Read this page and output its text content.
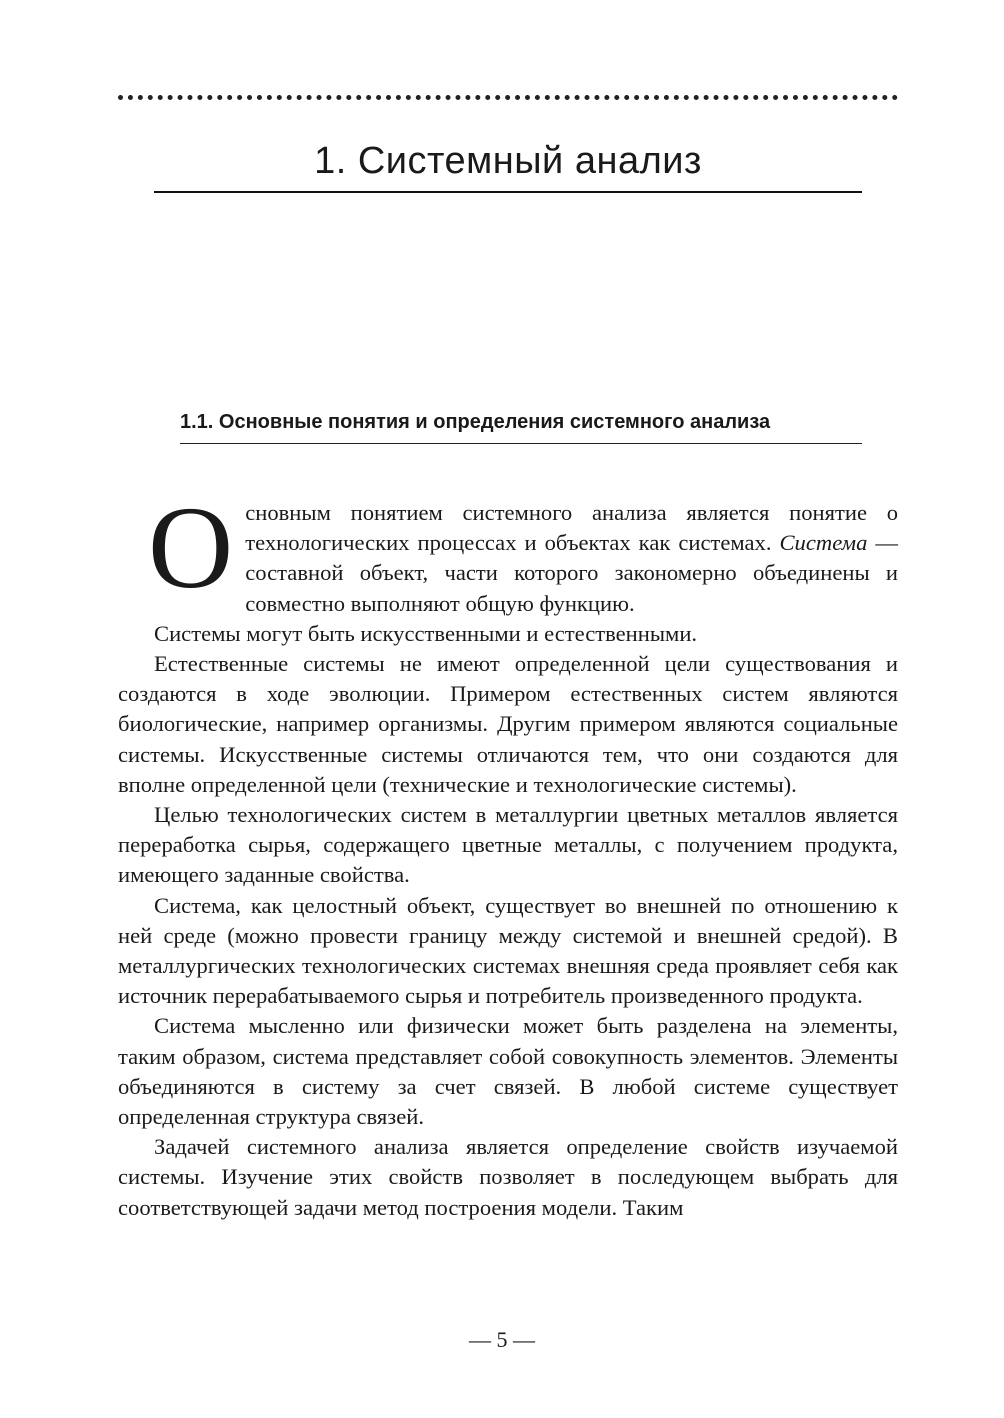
1. Системный анализ
1.1. Основные понятия и определения системного анализа

Основным понятием системного анализа является понятие о технологических процессах и объектах как системах. Система — составной объект, части которого закономерно объединены и совместно выполняют общую функцию.

Системы могут быть искусственными и естественными.

Естественные системы не имеют определенной цели существования и создаются в ходе эволюции. Примером естественных систем являются биологические, например организмы. Другим примером являются социальные системы. Искусственные системы отличаются тем, что они создаются для вполне определенной цели (технические и технологические системы).

Целью технологических систем в металлургии цветных металлов является переработка сырья, содержащего цветные металлы, с получением продукта, имеющего заданные свойства.

Система, как целостный объект, существует во внешней по отношению к ней среде (можно провести границу между системой и внешней средой). В металлургических технологических системах внешняя среда проявляет себя как источник перерабатываемого сырья и потребитель произведенного продукта.

Система мысленно или физически может быть разделена на элементы, таким образом, система представляет собой совокупность элементов. Элементы объединяются в систему за счет связей. В любой системе существует определенная структура связей.

Задачей системного анализа является определение свойств изучаемой системы. Изучение этих свойств позволяет в последующем выбрать для соответствующей задачи метод построения модели. Таким

— 5 —
